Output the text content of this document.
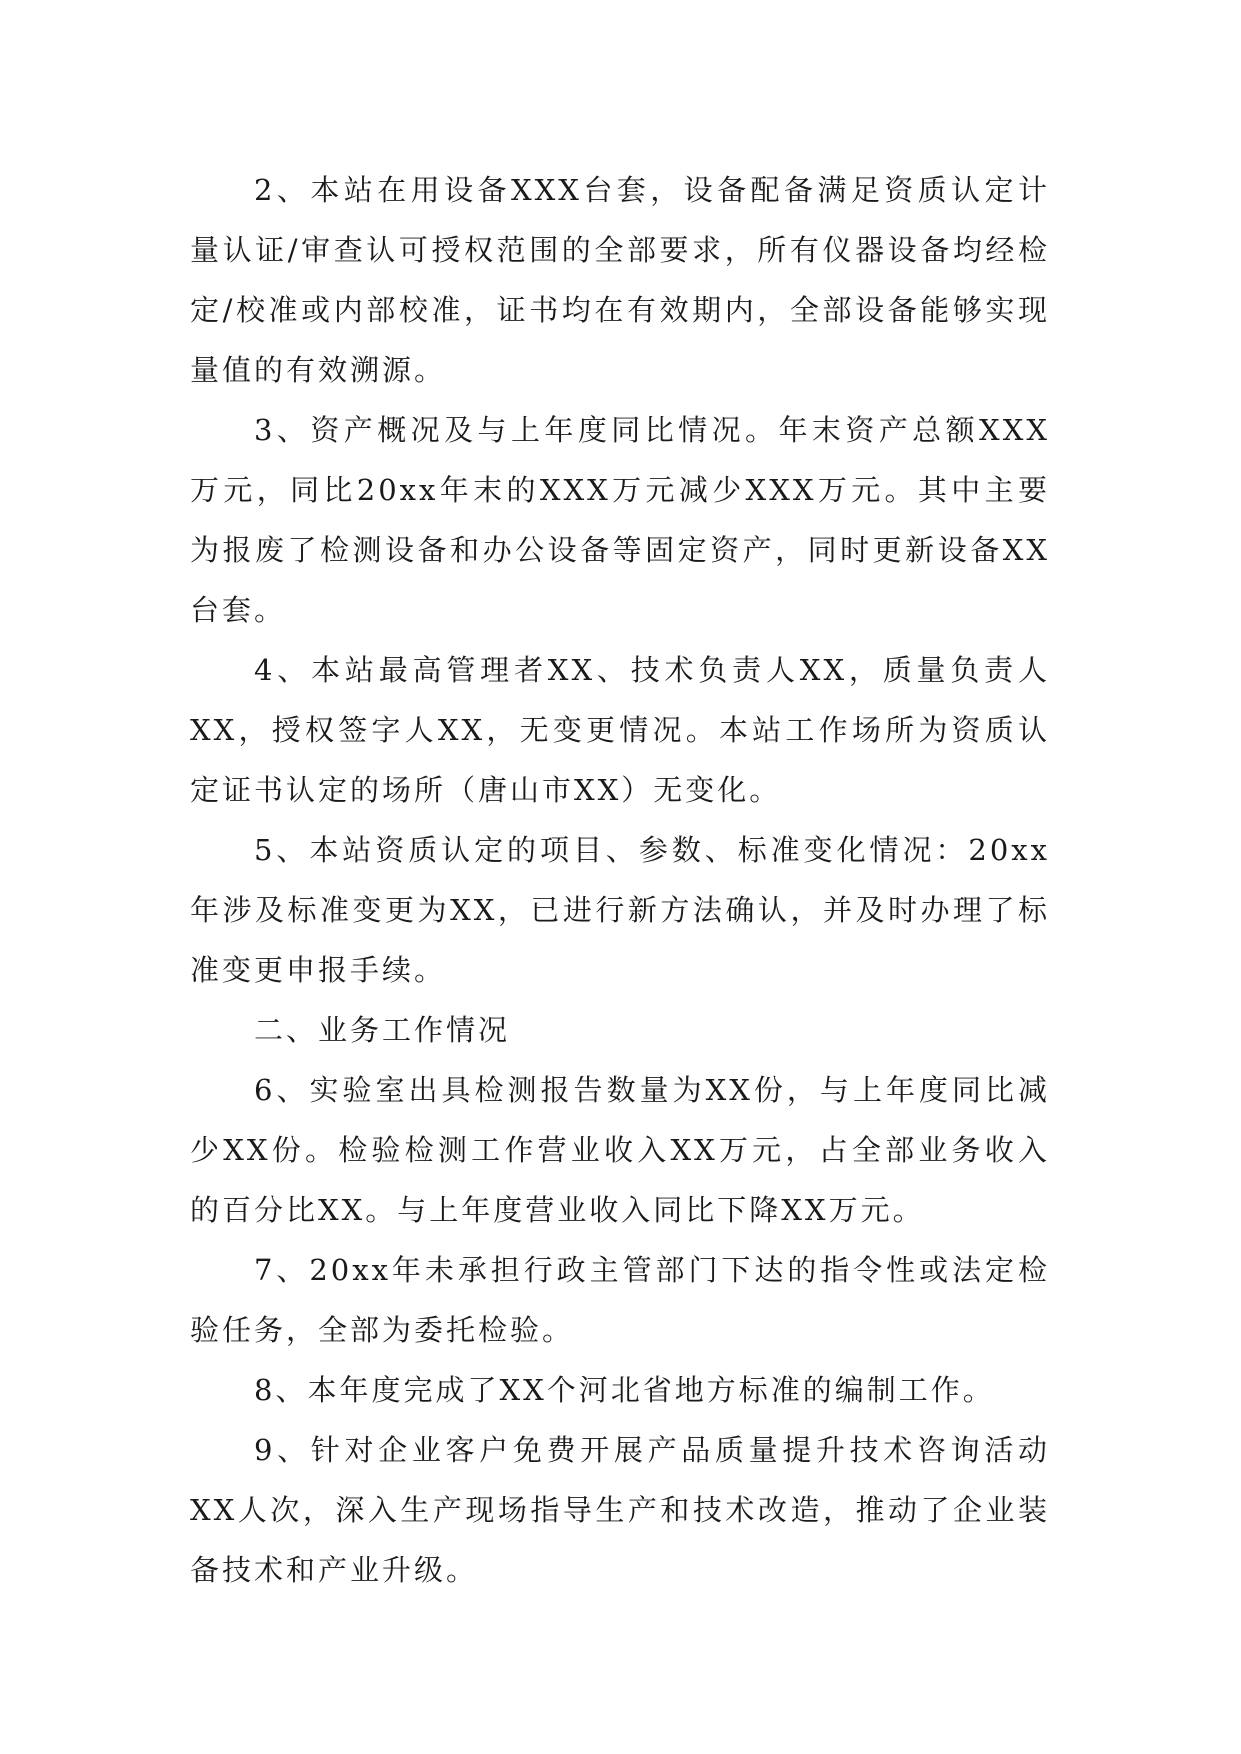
2、本站在用设备XXX台套，设备配备满足资质认定计量认证/审查认可授权范围的全部要求，所有仪器设备均经检定/校准或内部校准，证书均在有效期内，全部设备能够实现量值的有效溯源。

3、资产概况及与上年度同比情况。年末资产总额XXX万元，同比20xx年末的XXX万元减少XXX万元。其中主要为报废了检测设备和办公设备等固定资产，同时更新设备XX台套。

4、本站最高管理者XX、技术负责人XX，质量负责人XX，授权签字人XX，无变更情况。本站工作场所为资质认定证书认定的场所（唐山市XX）无变化。

5、本站资质认定的项目、参数、标准变化情况：20xx年涉及标准变更为XX，已进行新方法确认，并及时办理了标准变更申报手续。

二、业务工作情况

6、实验室出具检测报告数量为XX份，与上年度同比减少XX份。检验检测工作营业收入XX万元，占全部业务收入的百分比XX。与上年度营业收入同比下降XX万元。

7、20xx年未承担行政主管部门下达的指令性或法定检验任务，全部为委托检验。

8、本年度完成了XX个河北省地方标准的编制工作。

9、针对企业客户免费开展产品质量提升技术咨询活动XX人次，深入生产现场指导生产和技术改造，推动了企业装备技术和产业升级。
